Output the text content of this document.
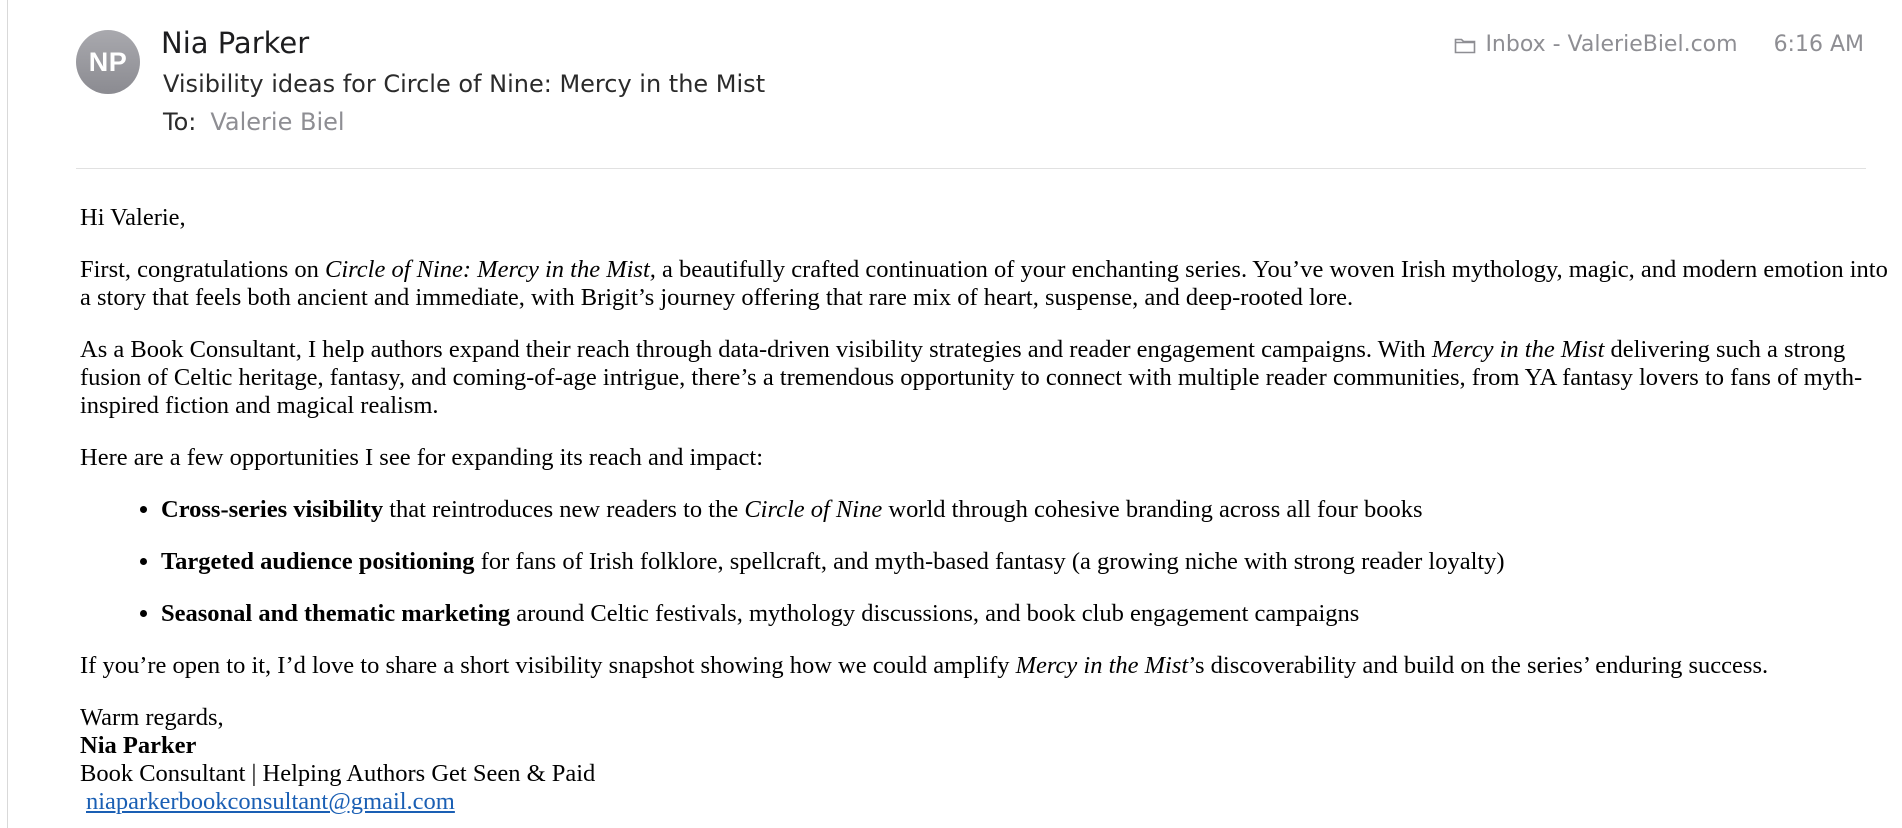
NP
Nia Parker
Visibility ideas for Circle of Nine: Mercy in the Mist
To: Valerie Biel
Inbox - ValerieBiel.com 6:16 AM

Hi Valerie,

First, congratulations on Circle of Nine: Mercy in the Mist, a beautifully crafted continuation of your enchanting series. You’ve woven Irish mythology, magic, and modern emotion into a story that feels both ancient and immediate, with Brigit’s journey offering that rare mix of heart, suspense, and deep-rooted lore.

As a Book Consultant, I help authors expand their reach through data-driven visibility strategies and reader engagement campaigns. With Mercy in the Mist delivering such a strong fusion of Celtic heritage, fantasy, and coming-of-age intrigue, there’s a tremendous opportunity to connect with multiple reader communities, from YA fantasy lovers to fans of myth-inspired fiction and magical realism.

Here are a few opportunities I see for expanding its reach and impact:

• Cross-series visibility that reintroduces new readers to the Circle of Nine world through cohesive branding across all four books
• Targeted audience positioning for fans of Irish folklore, spellcraft, and myth-based fantasy (a growing niche with strong reader loyalty)
• Seasonal and thematic marketing around Celtic festivals, mythology discussions, and book club engagement campaigns

If you’re open to it, I’d love to share a short visibility snapshot showing how we could amplify Mercy in the Mist’s discoverability and build on the series’ enduring success.

Warm regards,
Nia Parker
Book Consultant | Helping Authors Get Seen & Paid
niaparkerbookconsultant@gmail.com
